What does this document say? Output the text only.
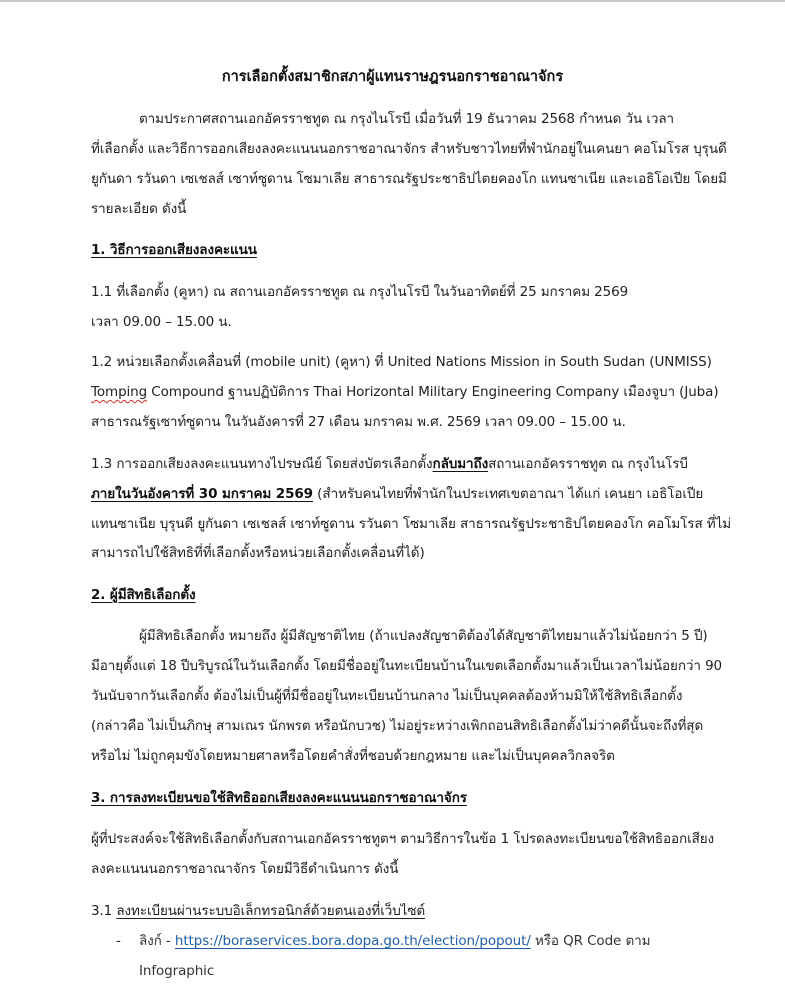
การเลือกตั้งสมาชิกสภาผู้แทนราษฎรนอกราชอาณาจักร
ตามประกาศสถานเอกอัครราชทูต ณ กรุงไนโรบี เมื่อวันที่ 19 ธันวาคม 2568 กำหนด วัน เวลา
ที่เลือกตั้ง และวิธีการออกเสียงลงคะแนนนอกราชอาณาจักร สำหรับชาวไทยที่พำนักอยู่ในเคนยา คอโมโรส บุรุนดี
ยูกันดา รวันดา เซเชลส์ เซาท์ซูดาน โซมาเลีย สาธารณรัฐประชาธิปไตยคองโก แทนซาเนีย และเอธิโอเปีย โดยมี
รายละเอียด ดังนี้
1. วิธีการออกเสียงลงคะแนน
1.1 ที่เลือกตั้ง (คูหา) ณ สถานเอกอัครราชทูต ณ กรุงไนโรบี ในวันอาทิตย์ที่ 25 มกราคม 2569
เวลา 09.00 – 15.00 น.
1.2 หน่วยเลือกตั้งเคลื่อนที่ (mobile unit) (คูหา) ที่ United Nations Mission in South Sudan (UNMISS)
Tomping Compound ฐานปฏิบัติการ Thai Horizontal Military Engineering Company เมืองจูบา (Juba)
สาธารณรัฐเซาท์ซูดาน ในวันอังคารที่ 27 เดือน มกราคม พ.ศ. 2569 เวลา 09.00 – 15.00 น.
1.3 การออกเสียงลงคะแนนทางไปรษณีย์ โดยส่งบัตรเลือกตั้งกลับมาถึงสถานเอกอัครราชทูต ณ กรุงไนโรบี
ภายในวันอังคารที่ 30 มกราคม 2569 (สำหรับคนไทยที่พำนักในประเทศเขตอาณา ได้แก่ เคนยา เอธิโอเปีย
แทนซาเนีย บุรุนดี ยูกันดา เซเชลส์ เซาท์ซูดาน รวันดา โซมาเลีย สาธารณรัฐประชาธิปไตยคองโก คอโมโรส ที่ไม่
สามารถไปใช้สิทธิที่ที่เลือกตั้งหรือหน่วยเลือกตั้งเคลื่อนที่ได้)
2. ผู้มีสิทธิเลือกตั้ง
ผู้มีสิทธิเลือกตั้ง หมายถึง ผู้มีสัญชาติไทย (ถ้าแปลงสัญชาติต้องได้สัญชาติไทยมาแล้วไม่น้อยกว่า 5 ปี)
มีอายุตั้งแต่ 18 ปีบริบูรณ์ในวันเลือกตั้ง โดยมีชื่ออยู่ในทะเบียนบ้านในเขตเลือกตั้งมาแล้วเป็นเวลาไม่น้อยกว่า 90
วันนับจากวันเลือกตั้ง ต้องไม่เป็นผู้ที่มีชื่ออยู่ในทะเบียนบ้านกลาง ไม่เป็นบุคคลต้องห้ามมิให้ใช้สิทธิเลือกตั้ง
(กล่าวคือ ไม่เป็นภิกษุ สามเณร นักพรต หรือนักบวช) ไม่อยู่ระหว่างเพิกถอนสิทธิเลือกตั้งไม่ว่าคดีนั้นจะถึงที่สุด
หรือไม่ ไม่ถูกคุมขังโดยหมายศาลหรือโดยคำสั่งที่ชอบด้วยกฎหมาย และไม่เป็นบุคคลวิกลจริต
3. การลงทะเบียนขอใช้สิทธิออกเสียงลงคะแนนนอกราชอาณาจักร
ผู้ที่ประสงค์จะใช้สิทธิเลือกตั้งกับสถานเอกอัครราชทูตฯ ตามวิธีการในข้อ 1 โปรดลงทะเบียนขอใช้สิทธิออกเสียง
ลงคะแนนนอกราชอาณาจักร โดยมีวิธีดำเนินการ ดังนี้
3.1 ลงทะเบียนผ่านระบบอิเล็กทรอนิกส์ด้วยตนเองที่เว็บไซต์
- ลิงก์ - https://boraservices.bora.dopa.go.th/election/popout/ หรือ QR Code ตาม
Infographic
